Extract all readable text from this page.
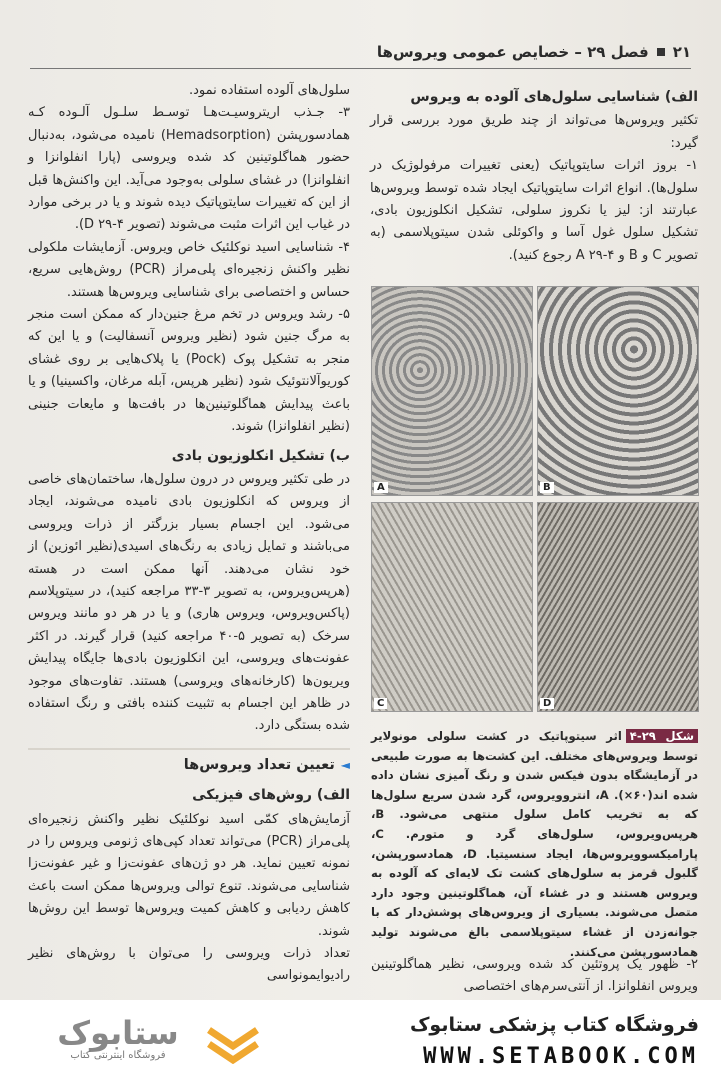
۲۱
فصل ۲۹ – خصایص عمومی ویروس‌ها

سلول‌های آلوده استفاده نمود.

۳- جـذب اریتروسیـت‌هـا توسـط سلـول آلـوده کـه همادسورپشن (Hemadsorption) نامیده می‌شود، به‌دنبال حضور هماگلوتینین کد شده ویروسی (پارا انفلوانزا و انفلوانزا) در غشای سلولی به‌وجود می‌آید. این واکنش‌ها قبل از این که تغییرات سایتوپاتیک دیده شوند و یا در برخی موارد در غیاب این اثرات مثبت می‌شوند (تصویر D ۲۹-۴).

۴- شناسایی اسید نوکلئیک خاص ویروس. آزمایشات ملکولی نظیر واکنش زنجیره‌ای پلی‌مراز (PCR) روش‌هایی سریع، حساس و اختصاصی برای شناسایی ویروس‌ها هستند.

۵- رشد ویروس در تخم مرغ جنین‌دار که ممکن است منجر به مرگ جنین شود (نظیر ویروس آنسفالیت) و یا این که منجر به تشکیل پوک (Pock) یا پلاک‌هایی بر روی غشای کوریوآلانتوئیک شود (نظیر هرپس، آبله مرغان، واکسینیا) و یا باعث پیدایش هماگلوتینین‌ها در بافت‌ها و مایعات جنینی (نظیر انفلوانزا) شوند.

ب) تشکیل انکلوزیون بادی

در طی تکثیر ویروس در درون سلول‌ها، ساختمان‌های خاصی از ویروس که انکلوزیون بادی نامیده می‌شوند، ایجاد می‌شود. این اجسام بسیار بزرگتر از ذرات ویروسی می‌باشند و تمایل زیادی به رنگ‌های اسیدی(نظیر ائوزین) از خود نشان می‌دهند. آنها ممکن است در هسته (هرپس‌ویروس، به تصویر ۳-۳۳ مراجعه کنید)، در سیتوپلاسم (پاکس‌ویروس، ویروس هاری) و یا در هر دو مانند ویروس سرخک (به تصویر ۵-۴۰ مراجعه کنید) قرار گیرند. در اکثر عفونت‌های ویروسی، این انکلوزیون بادی‌ها جایگاه پیدایش ویریون‌ها (کارخانه‌های ویروسی) هستند. تفاوت‌های موجود در ظاهر این اجسام به تثبیت کننده بافتی و رنگ استفاده شده بستگی دارد.

◄
تعیین تعداد ویروس‌ها
الف) روش‌های فیزیکی

آزمایش‌های کمّی اسید نوکلئیک نظیر واکنش زنجیره‌ای پلی‌مراز (PCR) می‌تواند تعداد کپی‌های ژنومی ویروس را در نمونه تعیین نماید. هر دو ژن‌های عفونت‌زا و غیر عفونت‌زا شناسایی می‌شوند. تنوع توالی ویروس‌ها ممکن است باعث کاهش ردیابی و کاهش کمیت ویروس‌ها توسط این روش‌ها شوند.

تعداد ذرات ویروسی را می‌توان با روش‌های نظیر رادیوایمونواسی

الف) شناسایی سلول‌های آلوده به ویروس

تکثیر ویروس‌ها می‌تواند از چند طریق مورد بررسی قرار گیرد:

۱- بروز اثرات سایتوپاتیک (یعنی تغییرات مرفولوژیک در سلول‌ها). انواع اثرات سایتوپاتیک ایجاد شده توسط ویروس‌ها عبارتند از: لیز یا نکروز سلولی، تشکیل انکلوزیون بادی، تشکیل سلول غول آسا و واکوئلی شدن سیتوپلاسمی (به تصویر C و B و A ۲۹-۴ رجوع کنید).

A	B
C	D
شکل ۲۹-۴اثر سیتوپاتیک در کشت سلولی مونولایر توسط ویروس‌های مختلف. این کشت‌ها به صورت طبیعی در آزمایشگاه بدون فیکس شدن و رنگ آمیزی نشان داده شده اند(۶۰×). A، انتروویروس، گرد شدن سریع سلول‌ها که به تخریب کامل سلول منتهی می‌شود. B، هرپس‌ویروس، سلول‌های گرد و متورم. C، پارامیکسوویروس‌ها، ایجاد سنسیتیا. D، همادسورپشن، گلبول قرمز به سلول‌های کشت تک لایه‌ای که آلوده به ویروس هستند و در غشاء آن، هماگلوتینین وجود دارد متصل می‌شوند. بسیاری از ویروس‌های پوشش‌دار که با جوانه‌زدن از غشاء سیتوپلاسمی بالغ می‌شوند تولید همادسورپشن می‌کنند.
۲- ظهور یک پروتئین کد شده ویروسی، نظیر هماگلوتینین ویروس انفلوانزا. از آنتی‌سرم‌های اختصاصی
ستابوک
فروشگاه اینترنتی کتاب
فروشگاه کتاب پزشکی ستابوک
WWW.SETABOOK.COM
